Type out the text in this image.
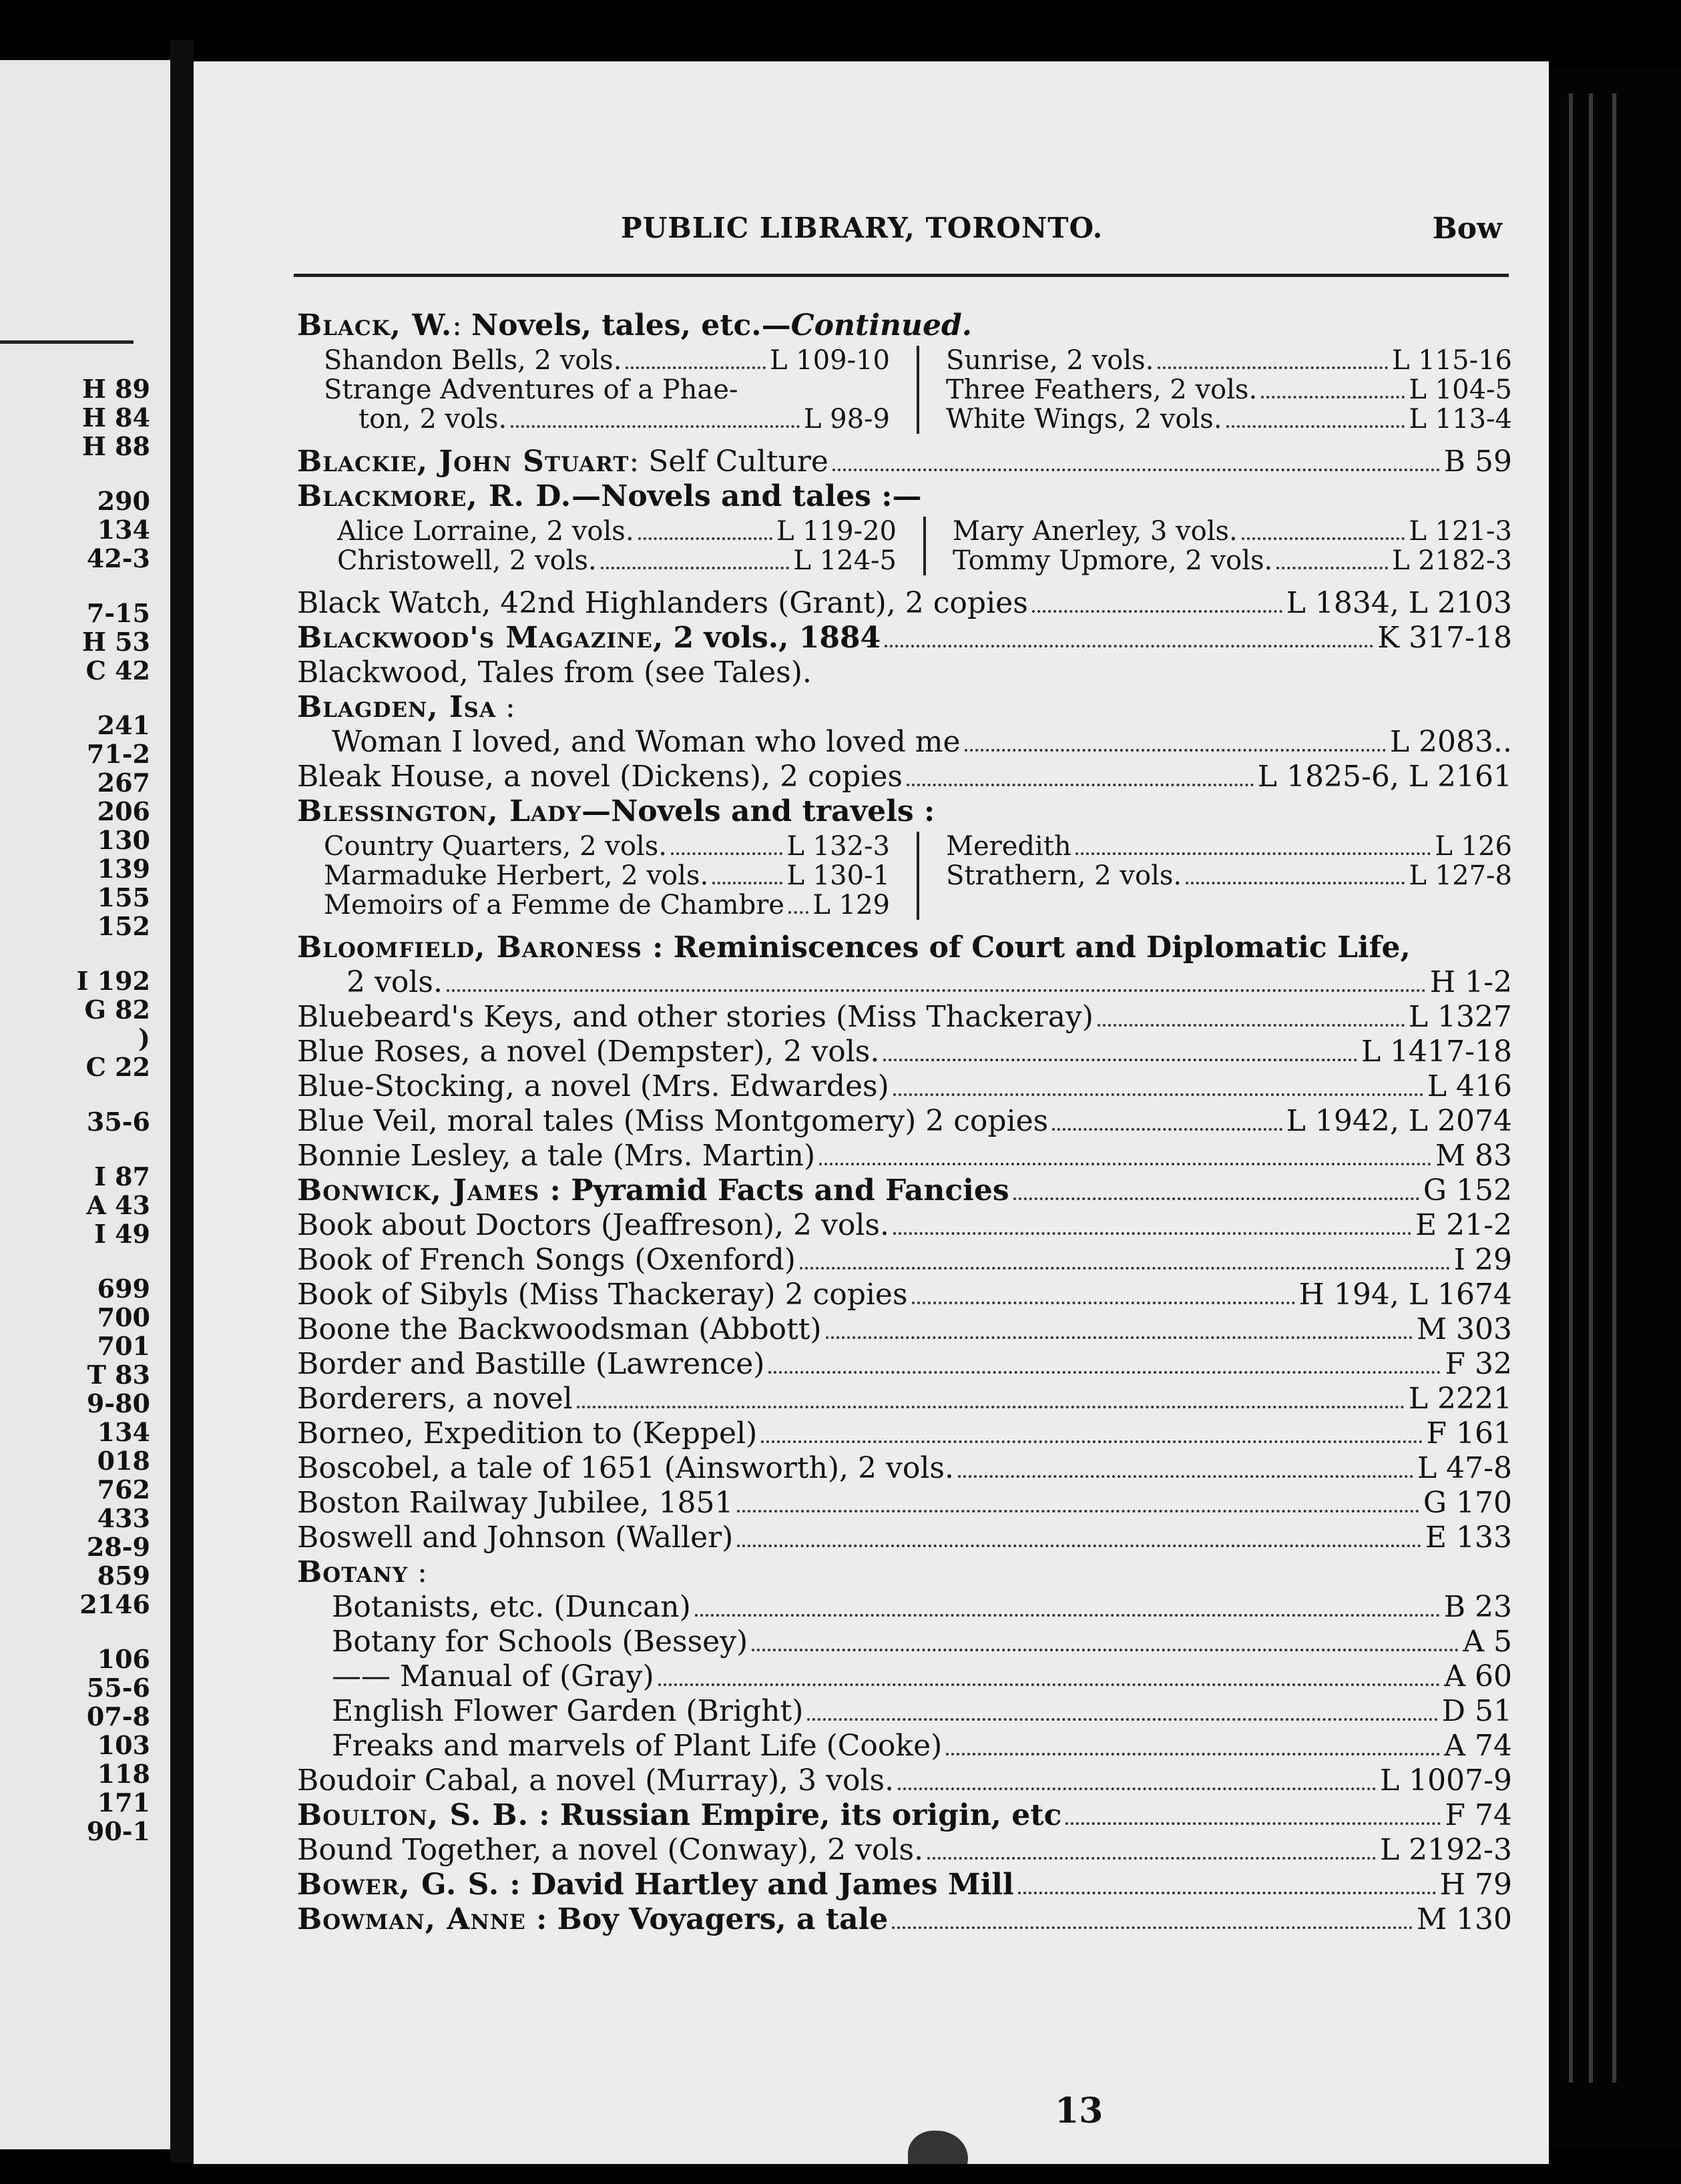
H 89
H 84
H 88
290
134
42-3
7-15
H 53
C 42
241
71-2
267
206
130
139
155
152
I 192
G 82
)
C 22
35-6
I 87
A 43
I 49
699
700
701
T 83
9-80
134
018
762
433
28-9
859
2146
106
55-6
07-8
103
118
171
90-1
PUBLIC LIBRARY, TORONTO.	Bow
Black, W.: Novels, tales, etc.—Continued.
Shandon Bells, 2 vols.	L 109-10
Strange Adventures of a Phae-
ton, 2 vols.	L 98-9
Sunrise, 2 vols.	L 115-16
Three Feathers, 2 vols.	L 104-5
White Wings, 2 vols.	L 113-4
Blackie, John Stuart: Self Culture	B 59
Blackmore, R. D.—Novels and tales :—
Alice Lorraine, 2 vols.	L 119-20
Christowell, 2 vols.	L 124-5
Mary Anerley, 3 vols.	L 121-3
Tommy Upmore, 2 vols.	L 2182-3
Black Watch, 42nd Highlanders (Grant), 2 copies	L 1834, L 2103
Blackwood's Magazine, 2 vols., 1884	K 317-18
Blackwood, Tales from (see Tales).
Blagden, Isa :
Woman I loved, and Woman who loved me	L 2083..
Bleak House, a novel (Dickens), 2 copies	L 1825-6, L 2161
Blessington, Lady—Novels and travels :
Country Quarters, 2 vols.	L 132-3
Marmaduke Herbert, 2 vols.	L 130-1
Memoirs of a Femme de Chambre L 129
Meredith	L 126
Strathern, 2 vols.	L 127-8
Bloomfield, Baroness : Reminiscences of Court and Diplomatic Life,
2 vols.	H 1-2
Bluebeard's Keys, and other stories (Miss Thackeray)	L 1327
Blue Roses, a novel (Dempster), 2 vols.	L 1417-18
Blue-Stocking, a novel (Mrs. Edwardes)	L 416
Blue Veil, moral tales (Miss Montgomery) 2 copies	L 1942, L 2074
Bonnie Lesley, a tale (Mrs. Martin)	M 83
Bonwick, James : Pyramid Facts and Fancies	G 152
Book about Doctors (Jeaffreson), 2 vols.	E 21-2
Book of French Songs (Oxenford)	I 29
Book of Sibyls (Miss Thackeray) 2 copies	H 194, L 1674
Boone the Backwoodsman (Abbott)	M 303
Border and Bastille (Lawrence)	F 32
Borderers, a novel	L 2221
Borneo, Expedition to (Keppel)	F 161
Boscobel, a tale of 1651 (Ainsworth), 2 vols.	L 47-8
Boston Railway Jubilee, 1851	G 170
Boswell and Johnson (Waller)	E 133
Botany :
Botanists, etc. (Duncan)	B 23
Botany for Schools (Bessey)	A 5
—— Manual of (Gray)	A 60
English Flower Garden (Bright)	D 51
Freaks and marvels of Plant Life (Cooke)	A 74
Boudoir Cabal, a novel (Murray), 3 vols.	L 1007-9
Boulton, S. B. : Russian Empire, its origin, etc	F 74
Bound Together, a novel (Conway), 2 vols.	L 2192-3
Bower, G. S. : David Hartley and James Mill	H 79
Bowman, Anne : Boy Voyagers, a tale	M 130
13
